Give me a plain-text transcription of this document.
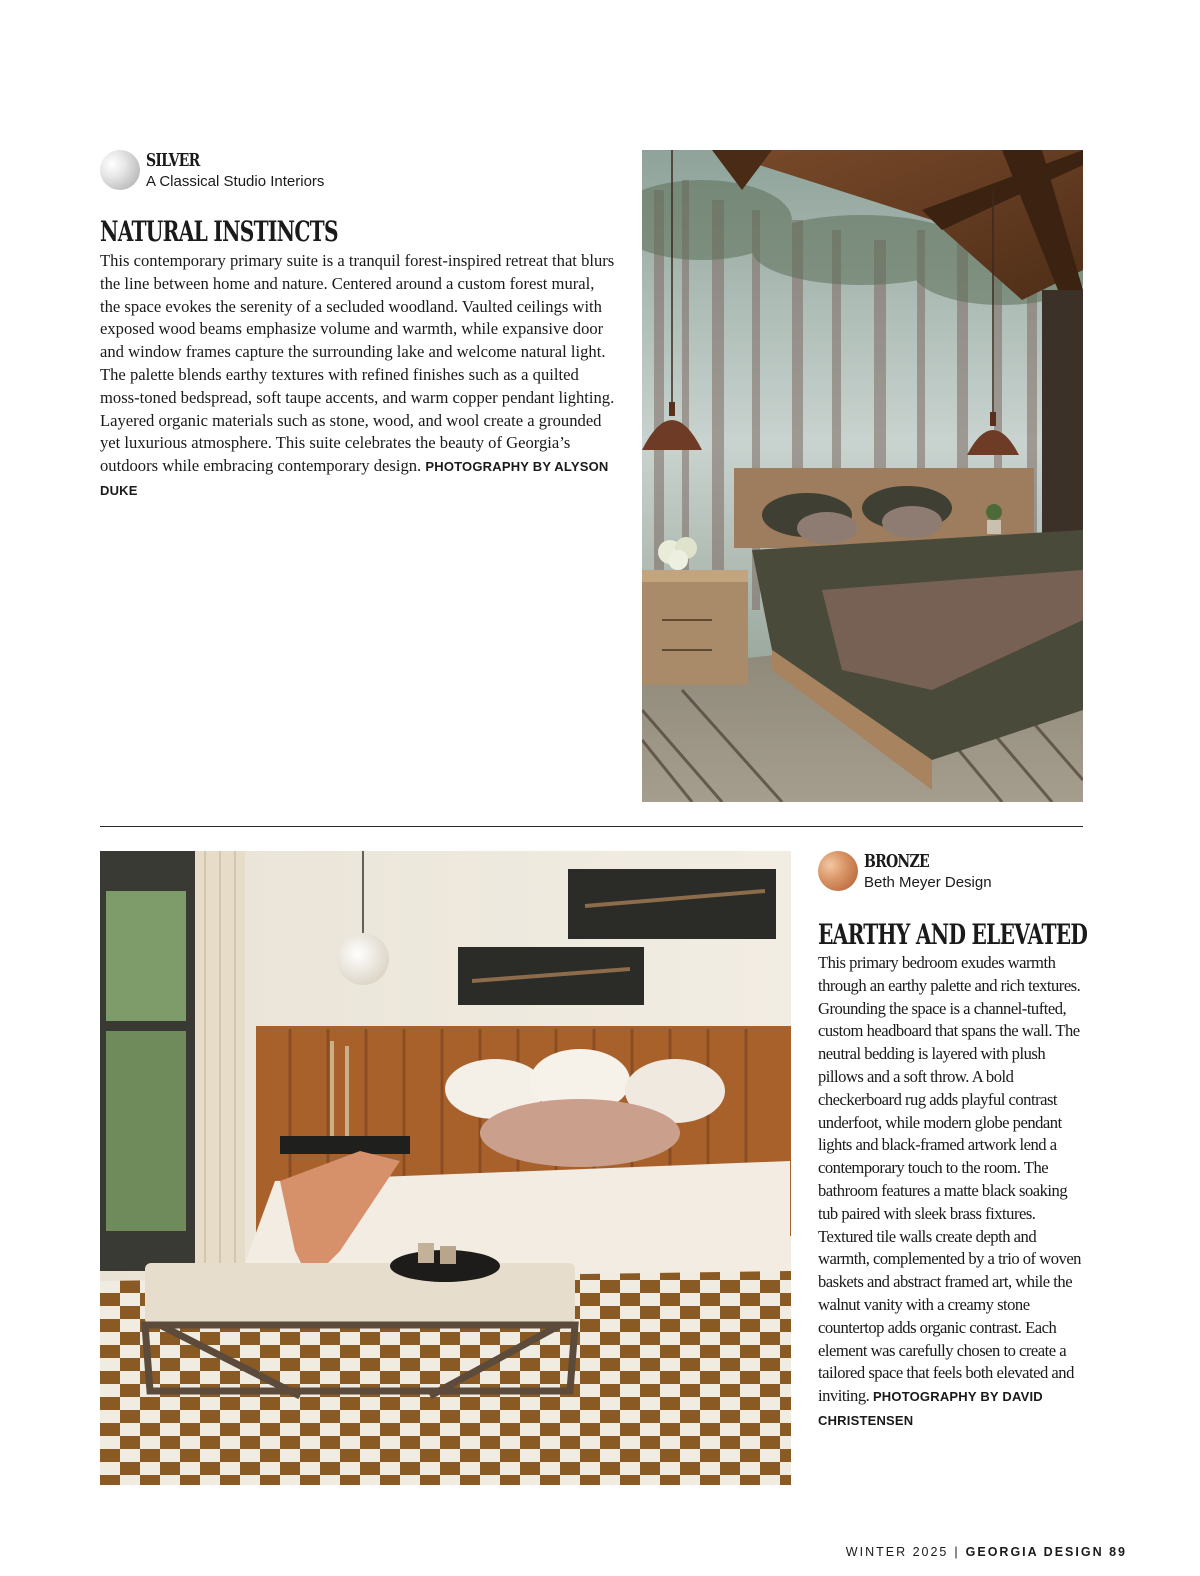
SILVER
A Classical Studio Interiors
NATURAL INSTINCTS

This contemporary primary suite is a tranquil forest-inspired retreat that blurs the line between home and nature. Centered around a custom forest mural, the space evokes the serenity of a secluded woodland. Vaulted ceilings with exposed wood beams emphasize volume and warmth, while expansive door and window frames capture the surrounding lake and welcome natural light. The palette blends earthy textures with refined finishes such as a quilted moss-toned bedspread, soft taupe accents, and warm copper pendant lighting. Layered organic materials such as stone, wood, and wool create a grounded yet luxurious atmosphere. This suite celebrates the beauty of Georgia’s outdoors while embracing contemporary design. PHOTOGRAPHY BY ALYSON DUKE

BRONZE
Beth Meyer Design
EARTHY AND ELEVATED

This primary bedroom exudes warmth through an earthy palette and rich textures. Grounding the space is a channel-tufted, custom headboard that spans the wall. The neutral bedding is layered with plush pillows and a soft throw. A bold checkerboard rug adds playful contrast underfoot, while modern globe pendant lights and black-framed artwork lend a contemporary touch to the room. The bathroom features a matte black soaking tub paired with sleek brass fixtures. Textured tile walls create depth and warmth, complemented by a trio of woven baskets and abstract framed art, while the walnut vanity with a creamy stone countertop adds organic contrast. Each element was carefully chosen to create a tailored space that feels both elevated and inviting. PHOTOGRAPHY BY DAVID CHRISTENSEN

WINTER 2025 | GEORGIA DESIGN 89
